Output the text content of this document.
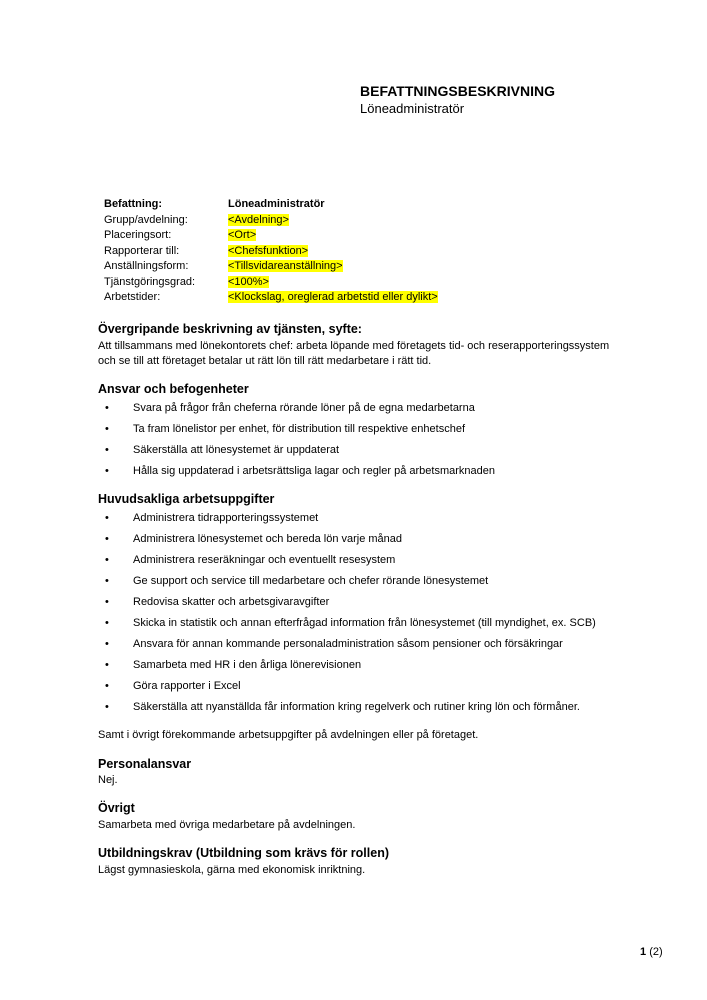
BEFATTNINGSBESKRIVNING
Löneadministratör
Befattning:	Löneadministratör
Grupp/avdelning:	<Avdelning>
Placeringsort:	<Ort>
Rapporterar till:	<Chefsfunktion>
Anställningsform:	<Tillsvidareanställning>
Tjänstgöringsgrad:	<100%>
Arbetstider:	<Klockslag, oreglerad arbetstid eller dylikt>
Övergripande beskrivning av tjänsten, syfte:

Att tillsammans med lönekontorets chef: arbeta löpande med företagets tid- och reserapporteringssystem och se till att företaget betalar ut rätt lön till rätt medarbetare i rätt tid.

Ansvar och befogenheter
• Svara på frågor från cheferna rörande löner på de egna medarbetarna
• Ta fram lönelistor per enhet, för distribution till respektive enhetschef
• Säkerställa att lönesystemet är uppdaterat
• Hålla sig uppdaterad i arbetsrättsliga lagar och regler på arbetsmarknaden
Huvudsakliga arbetsuppgifter
• Administrera tidrapporteringssystemet
• Administrera lönesystemet och bereda lön varje månad
• Administrera reseräkningar och eventuellt resesystem
• Ge support och service till medarbetare och chefer rörande lönesystemet
• Redovisa skatter och arbetsgivaravgifter
• Skicka in statistik och annan efterfrågad information från lönesystemet (till myndighet, ex. SCB)
• Ansvara för annan kommande personaladministration såsom pensioner och försäkringar
• Samarbeta med HR i den årliga lönerevisionen
• Göra rapporter i Excel
• Säkerställa att nyanställda får information kring regelverk och rutiner kring lön och förmåner.

Samt i övrigt förekommande arbetsuppgifter på avdelningen eller på företaget.

Personalansvar

Nej.

Övrigt

Samarbeta med övriga medarbetare på avdelningen.

Utbildningskrav (Utbildning som krävs för rollen)

Lägst gymnasieskola, gärna med ekonomisk inriktning.

1 (2)
